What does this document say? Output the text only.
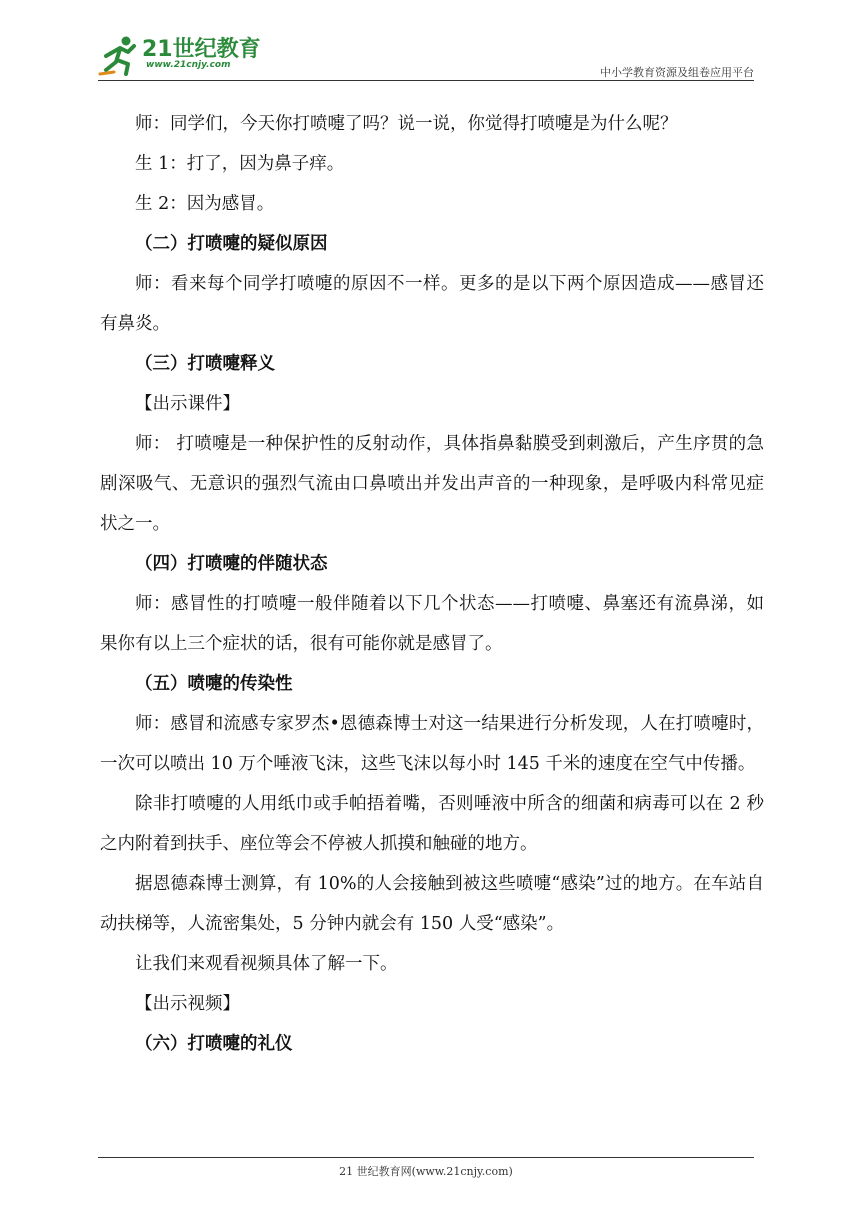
21世纪教育
www.21cnjy.com
中小学教育资源及组卷应用平台

师：同学们，今天你打喷嚏了吗？说一说，你觉得打喷嚏是为什么呢？

生 1：打了，因为鼻子痒。

生 2：因为感冒。

（二）打喷嚏的疑似原因

师：看来每个同学打喷嚏的原因不一样。更多的是以下两个原因造成——感冒还有鼻炎。

（三）打喷嚏释义

【出示课件】

师： 打喷嚏是一种保护性的反射动作，具体指鼻黏膜受到刺激后，产生序贯的急剧深吸气、无意识的强烈气流由口鼻喷出并发出声音的一种现象，是呼吸内科常见症状之一。

（四）打喷嚏的伴随状态

师：感冒性的打喷嚏一般伴随着以下几个状态——打喷嚏、鼻塞还有流鼻涕，如果你有以上三个症状的话，很有可能你就是感冒了。

（五）喷嚏的传染性

师：感冒和流感专家罗杰•恩德森博士对这一结果进行分析发现，人在打喷嚏时，一次可以喷出 10 万个唾液飞沫，这些飞沫以每小时 145 千米的速度在空气中传播。

除非打喷嚏的人用纸巾或手帕捂着嘴，否则唾液中所含的细菌和病毒可以在 2 秒之内附着到扶手、座位等会不停被人抓摸和触碰的地方。

据恩德森博士测算，有 10%的人会接触到被这些喷嚏“感染”过的地方。在车站自动扶梯等，人流密集处，5 分钟内就会有 150 人受“感染”。

让我们来观看视频具体了解一下。

【出示视频】

（六）打喷嚏的礼仪

21 世纪教育网(www.21cnjy.com)
